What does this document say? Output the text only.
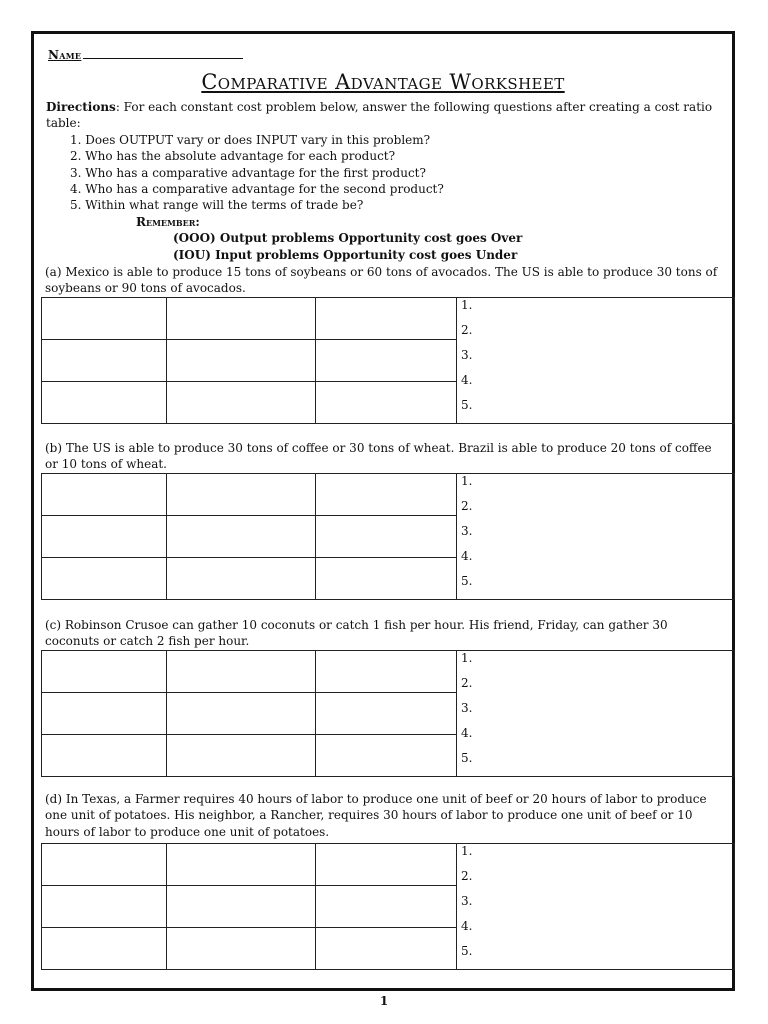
Name
Comparative Advantage Worksheet
Directions: For each constant cost problem below, answer the following questions after creating a cost ratio table:
1. Does OUTPUT vary or does INPUT vary in this problem?
2. Who has the absolute advantage for each product?
3. Who has a comparative advantage for the first product?
4. Who has a comparative advantage for the second product?
5. Within what range will the terms of trade be?
Remember:
(OOO) Output problems Opportunity cost goes Over
(IOU) Input problems Opportunity cost goes Under
(a) Mexico is able to produce 15 tons of soybeans or 60 tons of avocados. The US is able to produce 30 tons of soybeans or 90 tons of avocados.

			1.
2.
3.
4.
5.

(b) The US is able to produce 30 tons of coffee or 30 tons of wheat. Brazil is able to produce 20 tons of coffee or 10 tons of wheat.

			1.
2.
3.
4.
5.

(c) Robinson Crusoe can gather 10 coconuts or catch 1 fish per hour. His friend, Friday, can gather 30 coconuts or catch 2 fish per hour.

			1.
2.
3.
4.
5.

(d) In Texas, a Farmer requires 40 hours of labor to produce one unit of beef or 20 hours of labor to produce one unit of potatoes. His neighbor, a Rancher, requires 30 hours of labor to produce one unit of beef or 10 hours of labor to produce one unit of potatoes.

			1.
2.
3.
4.
5.

1
